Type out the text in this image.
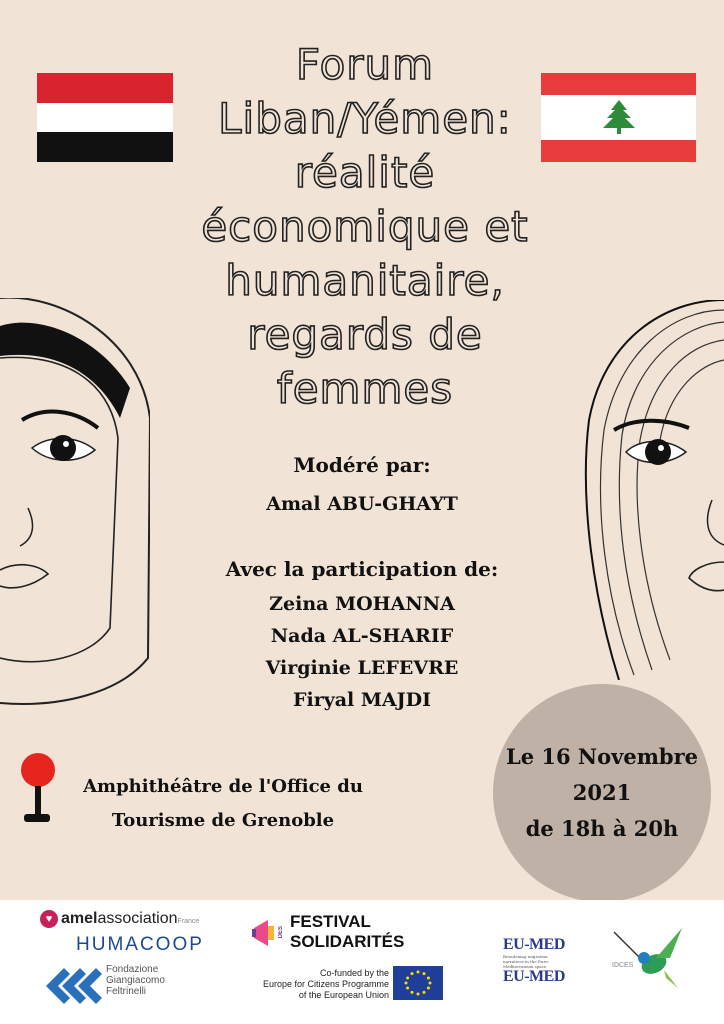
Forum
Liban/Yémen:
réalité
économique et
humanitaire,
regards de
femmes
Modéré par:
Amal ABU-GHAYT
Avec la participation de:
Zeina MOHANNA
Nada AL-SHARIF
Virginie LEFEVRE
Firyal MAJDI
Amphithéâtre de l'Office du
Tourisme de Grenoble
Le 16 Novembre
2021
de 18h à 20h
♥ amelassociationFrance
HUMACOOP
Fondazione
Giangiacomo
Feltrinelli
DES
FESTIVAL
SOLIDARITÉS
Co-funded by the
Europe for Citizens Programme
of the European Union
EU-MED
Broadening migration narratives in the Euro-Mediterranean space
EU-MED
IDCES
